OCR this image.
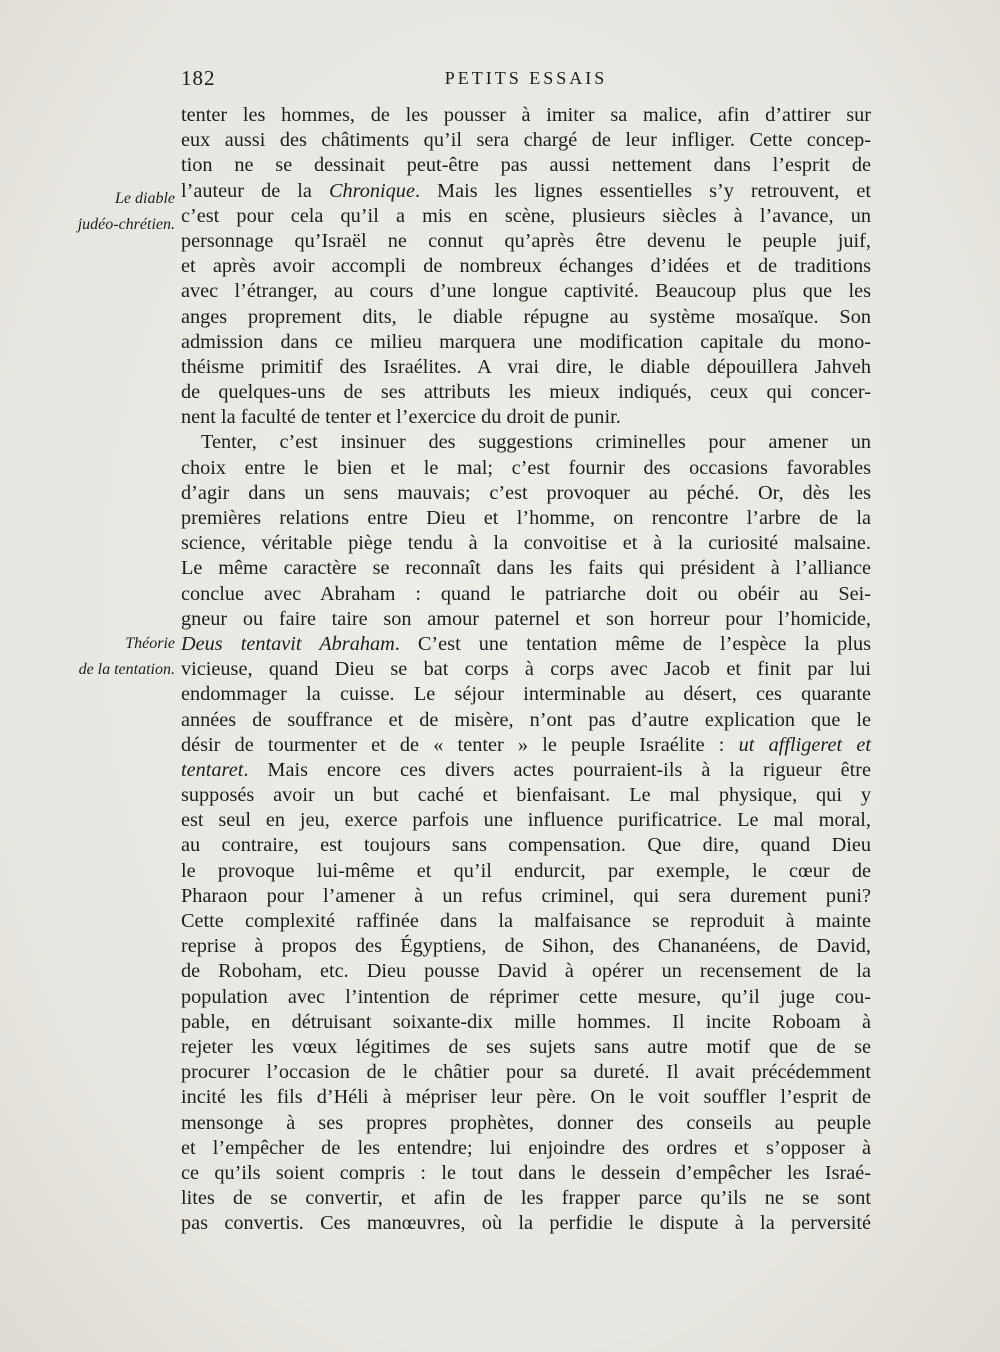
182	PETITS ESSAIS
Le diable
judéo-chrétien.
Théorie
de la tentation.
tenter les hommes, de les pousser à imiter sa malice, afin d’attirer sur
eux aussi des châtiments qu’il sera chargé de leur infliger. Cette concep-
tion ne se dessinait peut-être pas aussi nettement dans l’esprit de
l’auteur de la Chronique. Mais les lignes essentielles s’y retrouvent, et
c’est pour cela qu’il a mis en scène, plusieurs siècles à l’avance, un
personnage qu’Israël ne connut qu’après être devenu le peuple juif,
et après avoir accompli de nombreux échanges d’idées et de traditions
avec l’étranger, au cours d’une longue captivité. Beaucoup plus que les
anges proprement dits, le diable répugne au système mosaïque. Son
admission dans ce milieu marquera une modification capitale du mono-
théisme primitif des Israélites. A vrai dire, le diable dépouillera Jahveh
de quelques-uns de ses attributs les mieux indiqués, ceux qui concer-
nent la faculté de tenter et l’exercice du droit de punir.
Tenter, c’est insinuer des suggestions criminelles pour amener un
choix entre le bien et le mal; c’est fournir des occasions favorables
d’agir dans un sens mauvais; c’est provoquer au péché. Or, dès les
premières relations entre Dieu et l’homme, on rencontre l’arbre de la
science, véritable piège tendu à la convoitise et à la curiosité malsaine.
Le même caractère se reconnaît dans les faits qui président à l’alliance
conclue avec Abraham : quand le patriarche doit ou obéir au Sei-
gneur ou faire taire son amour paternel et son horreur pour l’homicide,
Deus tentavit Abraham. C’est une tentation même de l’espèce la plus
vicieuse, quand Dieu se bat corps à corps avec Jacob et finit par lui
endommager la cuisse. Le séjour interminable au désert, ces quarante
années de souffrance et de misère, n’ont pas d’autre explication que le
désir de tourmenter et de « tenter » le peuple Israélite : ut affligeret et
tentaret. Mais encore ces divers actes pourraient-ils à la rigueur être
supposés avoir un but caché et bienfaisant. Le mal physique, qui y
est seul en jeu, exerce parfois une influence purificatrice. Le mal moral,
au contraire, est toujours sans compensation. Que dire, quand Dieu
le provoque lui-même et qu’il endurcit, par exemple, le cœur de
Pharaon pour l’amener à un refus criminel, qui sera durement puni?
Cette complexité raffinée dans la malfaisance se reproduit à mainte
reprise à propos des Égyptiens, de Sihon, des Chananéens, de David,
de Roboham, etc. Dieu pousse David à opérer un recensement de la
population avec l’intention de réprimer cette mesure, qu’il juge cou-
pable, en détruisant soixante-dix mille hommes. Il incite Roboam à
rejeter les vœux légitimes de ses sujets sans autre motif que de se
procurer l’occasion de le châtier pour sa dureté. Il avait précédemment
incité les fils d’Héli à mépriser leur père. On le voit souffler l’esprit de
mensonge à ses propres prophètes, donner des conseils au peuple
et l’empêcher de les entendre; lui enjoindre des ordres et s’opposer à
ce qu’ils soient compris : le tout dans le dessein d’empêcher les Israé-
lites de se convertir, et afin de les frapper parce qu’ils ne se sont
pas convertis. Ces manœuvres, où la perfidie le dispute à la perversité
